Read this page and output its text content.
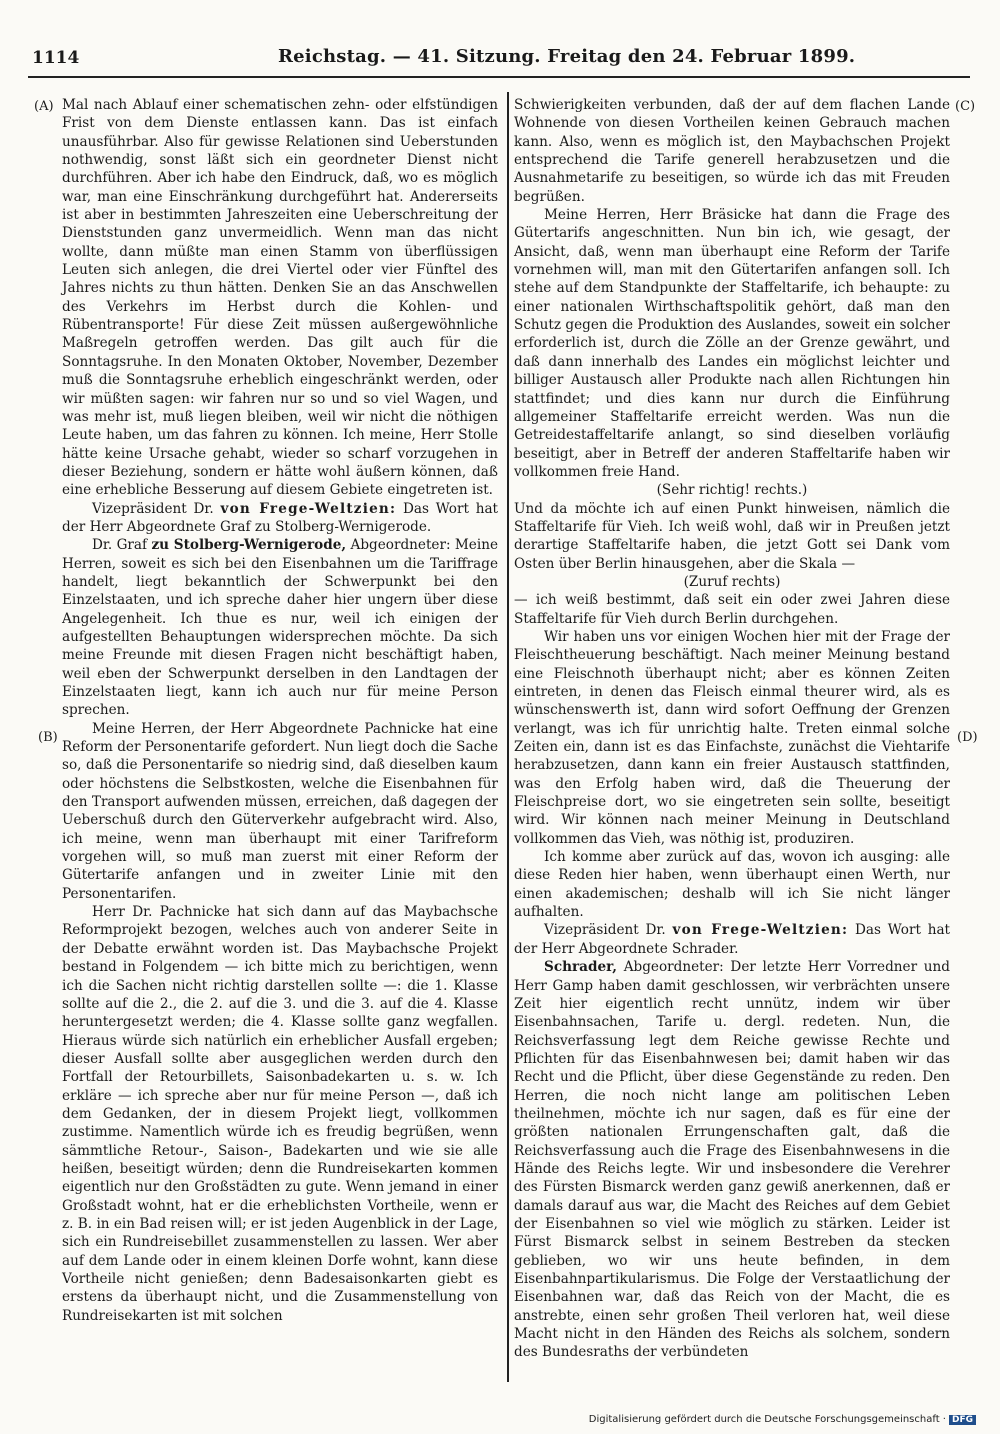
1114	Reichstag. — 41. Sitzung. Freitag den 24. Februar 1899.
(A)
(B)
(C)
(D)

Mal nach Ablauf einer schematischen zehn- oder elfstündigen Frist von dem Dienste entlassen kann. Das ist einfach unausführbar. Also für gewisse Relationen sind Ueberstunden nothwendig, sonst läßt sich ein geordneter Dienst nicht durchführen. Aber ich habe den Eindruck, daß, wo es möglich war, man eine Einschränkung durchgeführt hat. Andererseits ist aber in bestimmten Jahreszeiten eine Ueberschreitung der Dienststunden ganz unvermeidlich. Wenn man das nicht wollte, dann müßte man einen Stamm von überflüssigen Leuten sich anlegen, die drei Viertel oder vier Fünftel des Jahres nichts zu thun hätten. Denken Sie an das Anschwellen des Verkehrs im Herbst durch die Kohlen- und Rübentransporte! Für diese Zeit müssen außergewöhnliche Maßregeln getroffen werden. Das gilt auch für die Sonntagsruhe. In den Monaten Oktober, November, Dezember muß die Sonntagsruhe erheblich eingeschränkt werden, oder wir müßten sagen: wir fahren nur so und so viel Wagen, und was mehr ist, muß liegen bleiben, weil wir nicht die nöthigen Leute haben, um das fahren zu können. Ich meine, Herr Stolle hätte keine Ursache gehabt, wieder so scharf vorzugehen in dieser Beziehung, sondern er hätte wohl äußern können, daß eine erhebliche Besserung auf diesem Gebiete eingetreten ist.

Vizepräsident Dr. von Frege-Weltzien: Das Wort hat der Herr Abgeordnete Graf zu Stolberg-Wernigerode.

Dr. Graf zu Stolberg-Wernigerode, Abgeordneter: Meine Herren, soweit es sich bei den Eisenbahnen um die Tariffrage handelt, liegt bekanntlich der Schwerpunkt bei den Einzelstaaten, und ich spreche daher hier ungern über diese Angelegenheit. Ich thue es nur, weil ich einigen der aufgestellten Behauptungen widersprechen möchte. Da sich meine Freunde mit diesen Fragen nicht beschäftigt haben, weil eben der Schwerpunkt derselben in den Landtagen der Einzelstaaten liegt, kann ich auch nur für meine Person sprechen.

Meine Herren, der Herr Abgeordnete Pachnicke hat eine Reform der Personentarife gefordert. Nun liegt doch die Sache so, daß die Personentarife so niedrig sind, daß dieselben kaum oder höchstens die Selbstkosten, welche die Eisenbahnen für den Transport aufwenden müssen, erreichen, daß dagegen der Ueberschuß durch den Güterverkehr aufgebracht wird. Also, ich meine, wenn man überhaupt mit einer Tarifreform vorgehen will, so muß man zuerst mit einer Reform der Gütertarife anfangen und in zweiter Linie mit den Personentarifen.

Herr Dr. Pachnicke hat sich dann auf das Maybachsche Reformprojekt bezogen, welches auch von anderer Seite in der Debatte erwähnt worden ist. Das Maybachsche Projekt bestand in Folgendem — ich bitte mich zu berichtigen, wenn ich die Sachen nicht richtig darstellen sollte —: die 1. Klasse sollte auf die 2., die 2. auf die 3. und die 3. auf die 4. Klasse heruntergesetzt werden; die 4. Klasse sollte ganz wegfallen. Hieraus würde sich natürlich ein erheblicher Ausfall ergeben; dieser Ausfall sollte aber ausgeglichen werden durch den Fortfall der Retourbillets, Saisonbadekarten u. s. w. Ich erkläre — ich spreche aber nur für meine Person —, daß ich dem Gedanken, der in diesem Projekt liegt, vollkommen zustimme. Namentlich würde ich es freudig begrüßen, wenn sämmtliche Retour-, Saison-, Badekarten und wie sie alle heißen, beseitigt würden; denn die Rundreisekarten kommen eigentlich nur den Großstädten zu gute. Wenn jemand in einer Großstadt wohnt, hat er die erheblichsten Vortheile, wenn er z. B. in ein Bad reisen will; er ist jeden Augenblick in der Lage, sich ein Rundreisebillet zusammenstellen zu lassen. Wer aber auf dem Lande oder in einem kleinen Dorfe wohnt, kann diese Vortheile nicht genießen; denn Badesaisonkarten giebt es erstens da überhaupt nicht, und die Zusammenstellung von Rundreisekarten ist mit solchen

Schwierigkeiten verbunden, daß der auf dem flachen Lande Wohnende von diesen Vortheilen keinen Gebrauch machen kann. Also, wenn es möglich ist, den Maybachschen Projekt entsprechend die Tarife generell herabzusetzen und die Ausnahmetarife zu beseitigen, so würde ich das mit Freuden begrüßen.

Meine Herren, Herr Bräsicke hat dann die Frage des Gütertarifs angeschnitten. Nun bin ich, wie gesagt, der Ansicht, daß, wenn man überhaupt eine Reform der Tarife vornehmen will, man mit den Gütertarifen anfangen soll. Ich stehe auf dem Standpunkte der Staffeltarife, ich behaupte: zu einer nationalen Wirthschaftspolitik gehört, daß man den Schutz gegen die Produktion des Auslandes, soweit ein solcher erforderlich ist, durch die Zölle an der Grenze gewährt, und daß dann innerhalb des Landes ein möglichst leichter und billiger Austausch aller Produkte nach allen Richtungen hin stattfindet; und dies kann nur durch die Einführung allgemeiner Staffeltarife erreicht werden. Was nun die Getreidestaffeltarife anlangt, so sind dieselben vorläufig beseitigt, aber in Betreff der anderen Staffeltarife haben wir vollkommen freie Hand.

(Sehr richtig! rechts.)

Und da möchte ich auf einen Punkt hinweisen, nämlich die Staffeltarife für Vieh. Ich weiß wohl, daß wir in Preußen jetzt derartige Staffeltarife haben, die jetzt Gott sei Dank vom Osten über Berlin hinausgehen, aber die Skala —

(Zuruf rechts)

— ich weiß bestimmt, daß seit ein oder zwei Jahren diese Staffeltarife für Vieh durch Berlin durchgehen.

Wir haben uns vor einigen Wochen hier mit der Frage der Fleischtheuerung beschäftigt. Nach meiner Meinung bestand eine Fleischnoth überhaupt nicht; aber es können Zeiten eintreten, in denen das Fleisch einmal theurer wird, als es wünschenswerth ist, dann wird sofort Oeffnung der Grenzen verlangt, was ich für unrichtig halte. Treten einmal solche Zeiten ein, dann ist es das Einfachste, zunächst die Viehtarife herabzusetzen, dann kann ein freier Austausch stattfinden, was den Erfolg haben wird, daß die Theuerung der Fleischpreise dort, wo sie eingetreten sein sollte, beseitigt wird. Wir können nach meiner Meinung in Deutschland vollkommen das Vieh, was nöthig ist, produziren.

Ich komme aber zurück auf das, wovon ich ausging: alle diese Reden hier haben, wenn überhaupt einen Werth, nur einen akademischen; deshalb will ich Sie nicht länger aufhalten.

Vizepräsident Dr. von Frege-Weltzien: Das Wort hat der Herr Abgeordnete Schrader.

Schrader, Abgeordneter: Der letzte Herr Vorredner und Herr Gamp haben damit geschlossen, wir verbrächten unsere Zeit hier eigentlich recht unnütz, indem wir über Eisenbahnsachen, Tarife u. dergl. redeten. Nun, die Reichsverfassung legt dem Reiche gewisse Rechte und Pflichten für das Eisenbahnwesen bei; damit haben wir das Recht und die Pflicht, über diese Gegenstände zu reden. Den Herren, die noch nicht lange am politischen Leben theilnehmen, möchte ich nur sagen, daß es für eine der größten nationalen Errungenschaften galt, daß die Reichsverfassung auch die Frage des Eisenbahnwesens in die Hände des Reichs legte. Wir und insbesondere die Verehrer des Fürsten Bismarck werden ganz gewiß anerkennen, daß er damals darauf aus war, die Macht des Reiches auf dem Gebiet der Eisenbahnen so viel wie möglich zu stärken. Leider ist Fürst Bismarck selbst in seinem Bestreben da stecken geblieben, wo wir uns heute befinden, in dem Eisenbahnpartikularismus. Die Folge der Verstaatlichung der Eisenbahnen war, daß das Reich von der Macht, die es anstrebte, einen sehr großen Theil verloren hat, weil diese Macht nicht in den Händen des Reichs als solchem, sondern des Bundesraths der verbündeten

Digitalisierung gefördert durch die Deutsche Forschungsgemeinschaft · DFG
